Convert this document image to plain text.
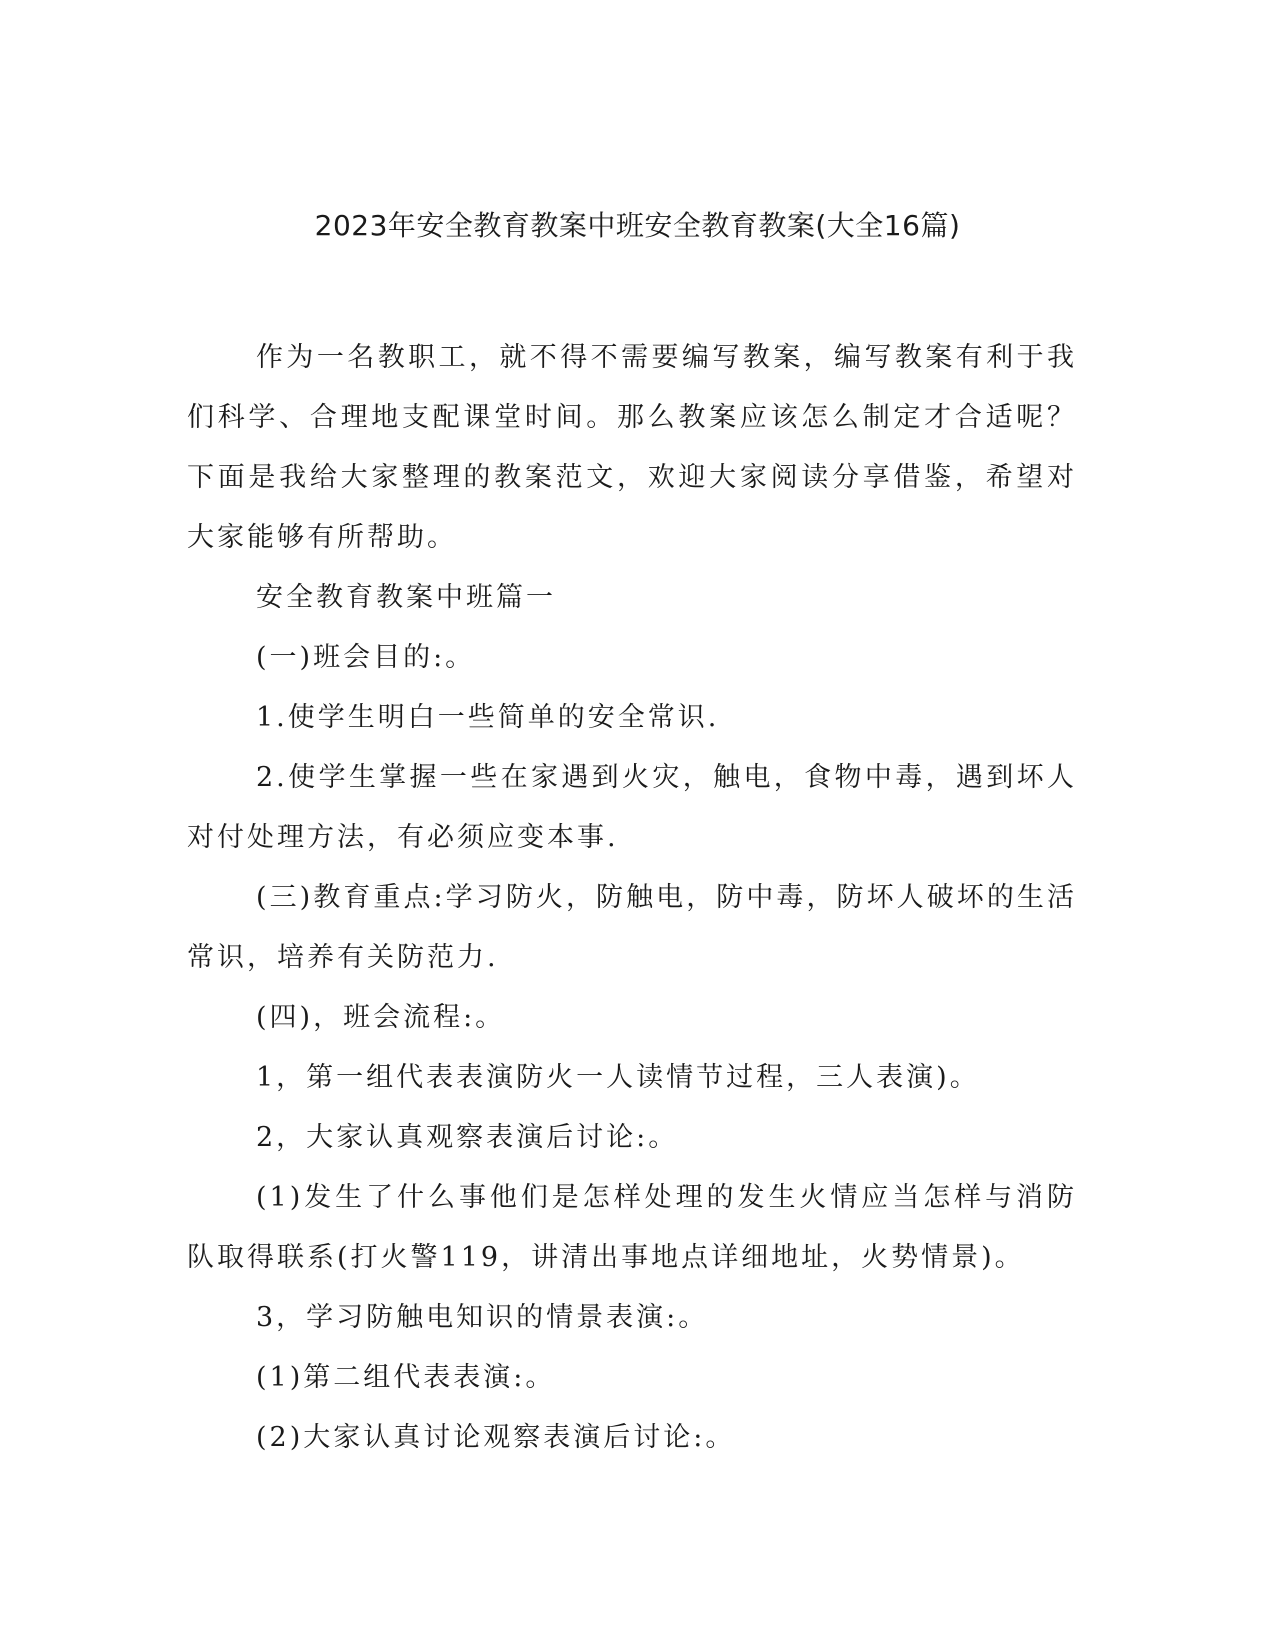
2023年安全教育教案中班安全教育教案(大全16篇)

作为一名教职工，就不得不需要编写教案，编写教案有利于我们科学、合理地支配课堂时间。那么教案应该怎么制定才合适呢？下面是我给大家整理的教案范文，欢迎大家阅读分享借鉴，希望对大家能够有所帮助。

安全教育教案中班篇一

(一)班会目的:。

1.使学生明白一些简单的安全常识.

2.使学生掌握一些在家遇到火灾，触电，食物中毒，遇到坏人对付处理方法，有必须应变本事.

(三)教育重点:学习防火，防触电，防中毒，防坏人破坏的生活常识，培养有关防范力.

(四)，班会流程:。

1，第一组代表表演防火一人读情节过程，三人表演)。

2，大家认真观察表演后讨论:。

(1)发生了什么事他们是怎样处理的发生火情应当怎样与消防队取得联系(打火警119，讲清出事地点详细地址，火势情景)。

3，学习防触电知识的情景表演:。

(1)第二组代表表演:。

(2)大家认真讨论观察表演后讨论:。
